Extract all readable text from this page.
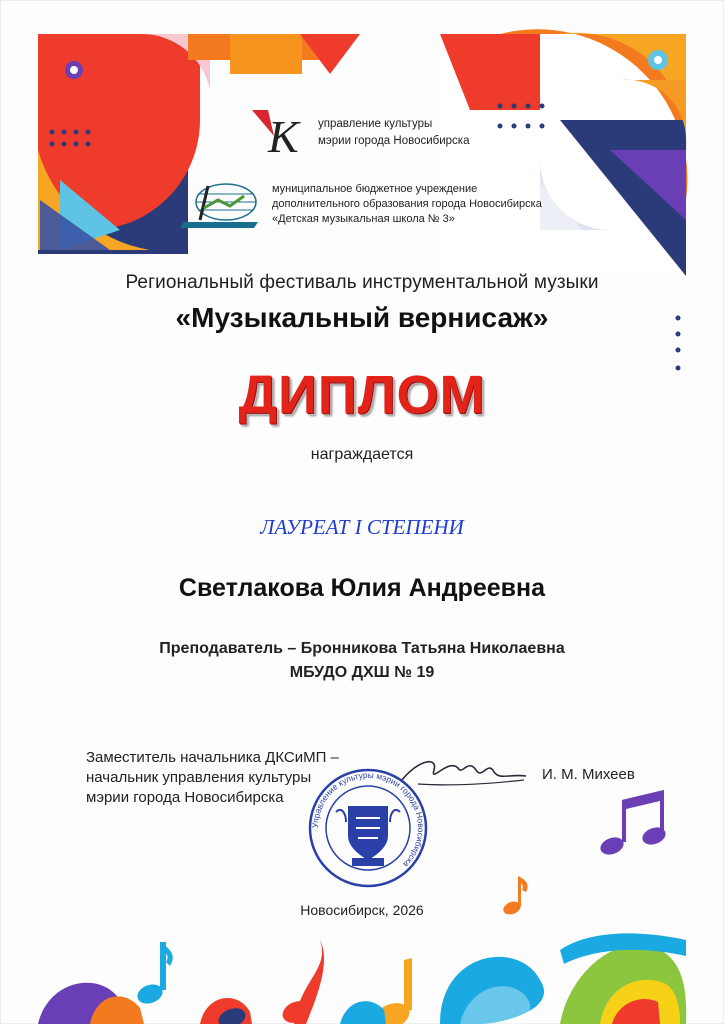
К управление культуры
мэрии города Новосибирска
муниципальное бюджетное учреждение
дополнительного образования города Новосибирска
«Детская музыкальная школа № 3»

Региональный фестиваль инструментальной музыки

«Музыкальный вернисаж»

ДИПЛОМ

награждается

ЛАУРЕАТ I СТЕПЕНИ

Светлакова Юлия Андреевна

Преподаватель – Бронникова Татьяна Николаевна

МБУДО ДХШ № 19

Заместитель начальника ДКСиМП –
начальник управления культуры
мэрии города Новосибирска
Управление культуры мэрии города Новосибирска
И. М. Михеев

Новосибирск, 2026
